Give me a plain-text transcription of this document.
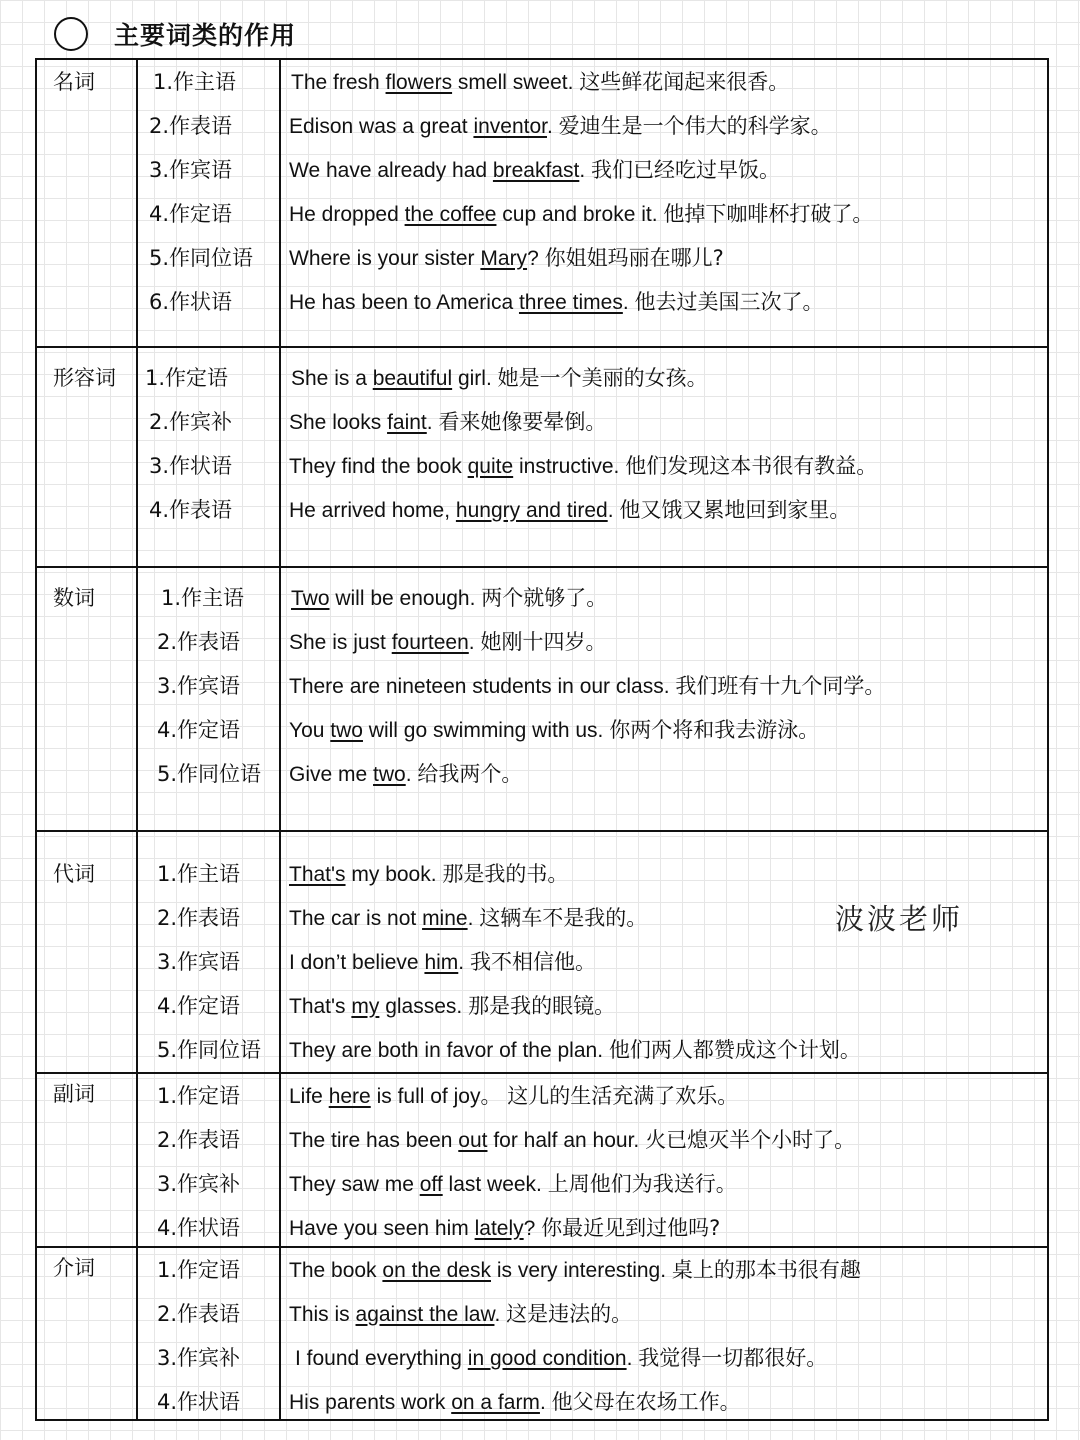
主要词类的作用
名词	1.作主语	The fresh flowers smell sweet. 这些鲜花闻起来很香。
2.作表语	Edison was a great inventor. 爱迪生是一个伟大的科学家。
3.作宾语	We have already had breakfast. 我们已经吃过早饭。
4.作定语	He dropped the coffee cup and broke it. 他掉下咖啡杯打破了。
5.作同位语 Where is your sister Mary? 你姐姐玛丽在哪儿?
6.作状语	He has been to America three times. 他去过美国三次了。
形容词 1.作定语	She is a beautiful girl. 她是一个美丽的女孩。
2.作宾补	She looks faint. 看来她像要晕倒。
3.作状语	They find the book quite instructive. 他们发现这本书很有教益。
4.作表语	He arrived home, hungry and tired. 他又饿又累地回到家里。
数词	1.作主语 Two will be enough. 两个就够了。
2.作表语 She is just fourteen. 她刚十四岁。
3.作宾语 There are nineteen students in our class. 我们班有十九个同学。
4.作定语 You two will go swimming with us. 你两个将和我去游泳。
5.作同位语 Give me two. 给我两个。
代词	1.作主语 That's my book. 那是我的书。
2.作表语 The car is not mine. 这辆车不是我的。
3.作宾语 I don’t believe him. 我不相信他。
4.作定语 That's my glasses. 那是我的眼镜。
5.作同位语 They are both in favor of the plan. 他们两人都赞成这个计划。
副词	1.作定语 Life here is full of joy。 这儿的生活充满了欢乐。
2.作表语 The tire has been out for half an hour. 火已熄灭半个小时了。
3.作宾补 They saw me off last week. 上周他们为我送行。
4.作状语 Have you seen him lately? 你最近见到过他吗?
介词	1.作定语 The book on the desk is very interesting. 桌上的那本书很有趣
2.作表语 This is against the law. 这是违法的。
3.作宾补	I found everything in good condition. 我觉得一切都很好。
4.作状语 His parents work on a farm. 他父母在农场工作。
波波老师
